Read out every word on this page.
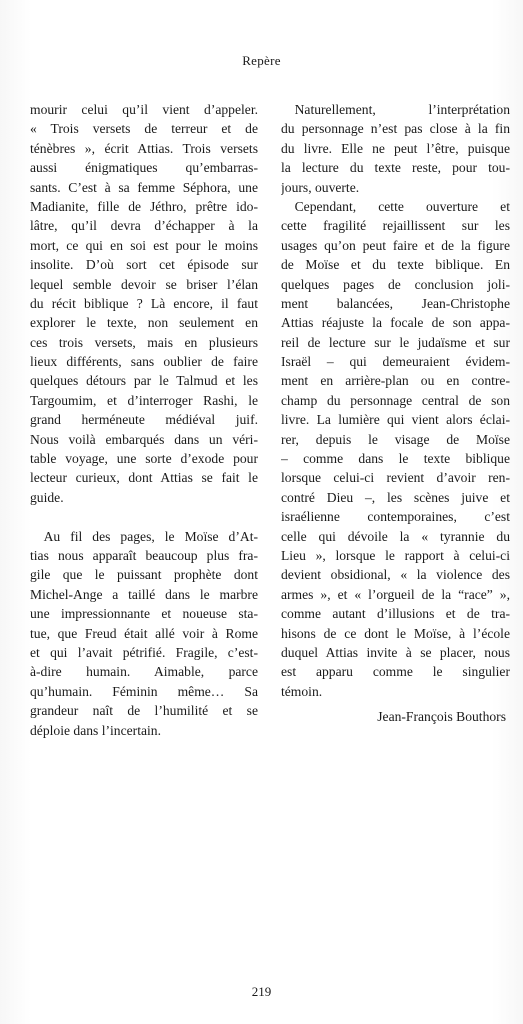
Repère
mourir celui qu’il vient d’appeler.
« Trois versets de terreur et de
ténèbres », écrit Attias. Trois versets
aussi énigmatiques qu’embarras-
sants. C’est à sa femme Séphora, une
Madianite, fille de Jéthro, prêtre ido-
lâtre, qu’il devra d’échapper à la
mort, ce qui en soi est pour le moins
insolite. D’où sort cet épisode sur
lequel semble devoir se briser l’élan
du récit biblique ? Là encore, il faut
explorer le texte, non seulement en
ces trois versets, mais en plusieurs
lieux différents, sans oublier de faire
quelques détours par le Talmud et les
Targoumim, et d’interroger Rashi, le
grand herméneute médiéval juif.
Nous voilà embarqués dans un véri-
table voyage, une sorte d’exode pour
lecteur curieux, dont Attias se fait le
guide.
 Au fil des pages, le Moïse d’At-
tias nous apparaît beaucoup plus fra-
gile que le puissant prophète dont
Michel-Ange a taillé dans le marbre
une impressionnante et noueuse sta-
tue, que Freud était allé voir à Rome
et qui l’avait pétrifié. Fragile, c’est-
à-dire humain. Aimable, parce
qu’humain. Féminin même… Sa
grandeur naît de l’humilité et se
déploie dans l’incertain.
 Naturellement, l’interprétation
du personnage n’est pas close à la fin
du livre. Elle ne peut l’être, puisque
la lecture du texte reste, pour tou-
jours, ouverte.
 Cependant, cette ouverture et
cette fragilité rejaillissent sur les
usages qu’on peut faire et de la figure
de Moïse et du texte biblique. En
quelques pages de conclusion joli-
ment balancées, Jean-Christophe
Attias réajuste la focale de son appa-
reil de lecture sur le judaïsme et sur
Israël – qui demeuraient évidem-
ment en arrière-plan ou en contre-
champ du personnage central de son
livre. La lumière qui vient alors éclai-
rer, depuis le visage de Moïse
– comme dans le texte biblique
lorsque celui-ci revient d’avoir ren-
contré Dieu –, les scènes juive et
israélienne contemporaines, c’est
celle qui dévoile la « tyrannie du
Lieu », lorsque le rapport à celui-ci
devient obsidional, « la violence des
armes », et « l’orgueil de la “race” »,
comme autant d’illusions et de tra-
hisons de ce dont le Moïse, à l’école
duquel Attias invite à se placer, nous
est apparu comme le singulier
témoin.
Jean-François Bouthors
219
